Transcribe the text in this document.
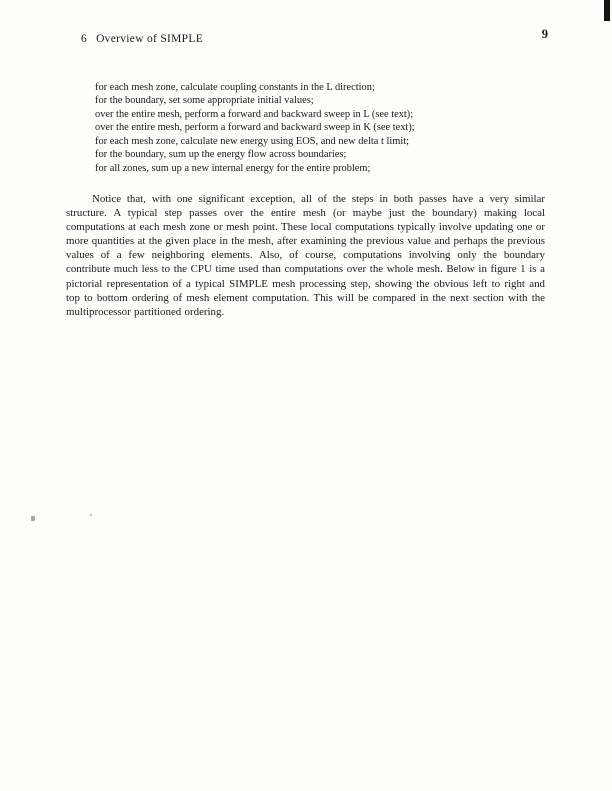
6 Overview of SIMPLE	9
for each mesh zone, calculate coupling constants in the L direction;
for the boundary, set some appropriate initial values;
over the entire mesh, perform a forward and backward sweep in L (see text);
over the entire mesh, perform a forward and backward sweep in K (see text);
for each mesh zone, calculate new energy using EOS, and new delta t limit;
for the boundary, sum up the energy flow across boundaries;
for all zones, sum up a new internal energy for the entire problem;
Notice that, with one significant exception, all of the steps in both passes have a very similar structure. A typical step passes over the entire mesh (or maybe just the boundary) making local computations at each mesh zone or mesh point. These local computations typically involve updating one or more quantities at the given place in the mesh, after examining the previous value and perhaps the previous values of a few neighboring elements. Also, of course, computations involving only the boundary contribute much less to the CPU time used than computations over the whole mesh. Below in figure 1 is a pictorial representation of a typical SIMPLE mesh processing step, showing the obvious left to right and top to bottom ordering of mesh element computation. This will be compared in the next section with the multiprocessor partitioned ordering.
